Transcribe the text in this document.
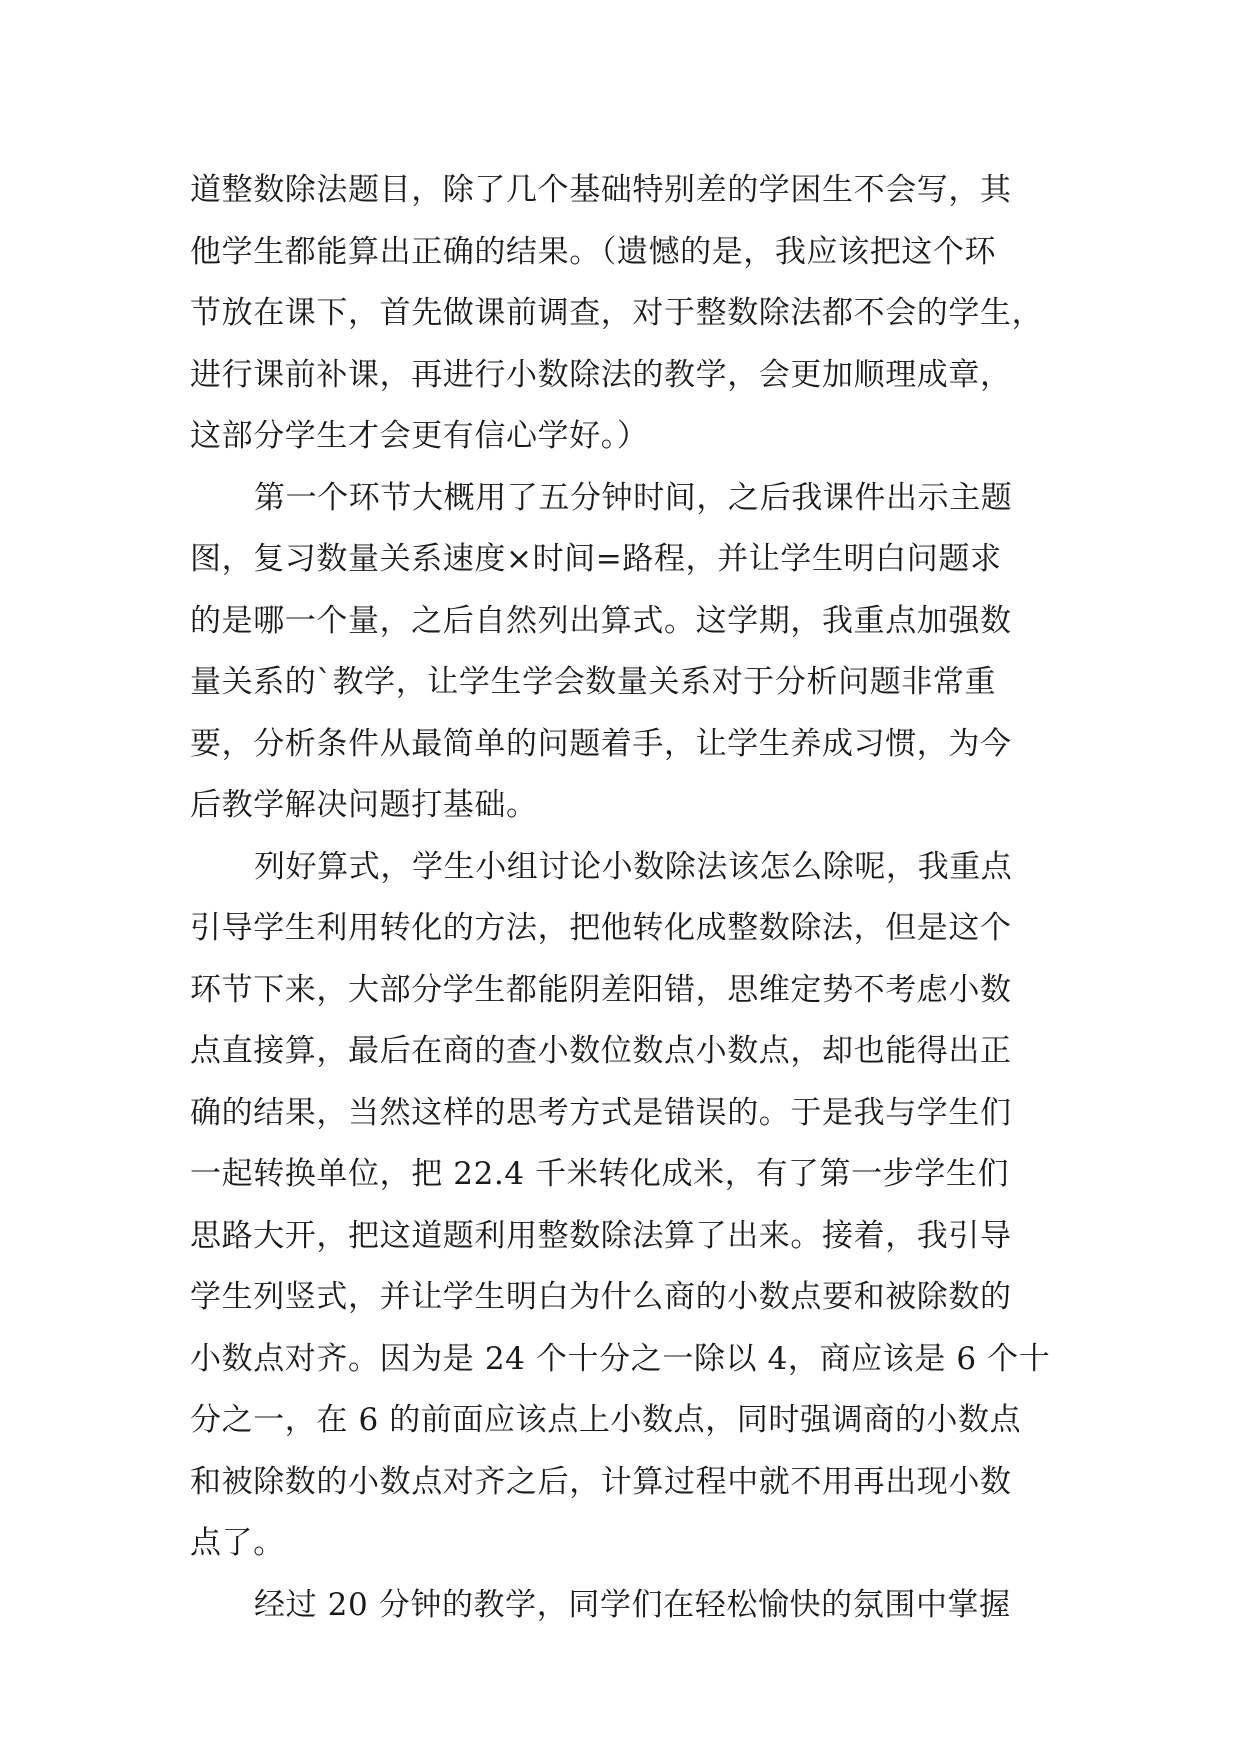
道整数除法题目，除了几个基础特别差的学困生不会写，其
他学生都能算出正确的结果。（遗憾的是，我应该把这个环
节放在课下，首先做课前调查，对于整数除法都不会的学生，
进行课前补课，再进行小数除法的教学，会更加顺理成章，
这部分学生才会更有信心学好。）
第一个环节大概用了五分钟时间，之后我课件出示主题
图，复习数量关系速度×时间=路程，并让学生明白问题求
的是哪一个量，之后自然列出算式。这学期，我重点加强数
量关系的`教学，让学生学会数量关系对于分析问题非常重
要，分析条件从最简单的问题着手，让学生养成习惯，为今
后教学解决问题打基础。
列好算式，学生小组讨论小数除法该怎么除呢，我重点
引导学生利用转化的方法，把他转化成整数除法，但是这个
环节下来，大部分学生都能阴差阳错，思维定势不考虑小数
点直接算，最后在商的查小数位数点小数点，却也能得出正
确的结果，当然这样的思考方式是错误的。于是我与学生们
一起转换单位，把 22.4 千米转化成米，有了第一步学生们
思路大开，把这道题利用整数除法算了出来。接着，我引导
学生列竖式，并让学生明白为什么商的小数点要和被除数的
小数点对齐。因为是 24 个十分之一除以 4，商应该是 6 个十
分之一，在 6 的前面应该点上小数点，同时强调商的小数点
和被除数的小数点对齐之后，计算过程中就不用再出现小数
点了。
经过 20 分钟的教学，同学们在轻松愉快的氛围中掌握
